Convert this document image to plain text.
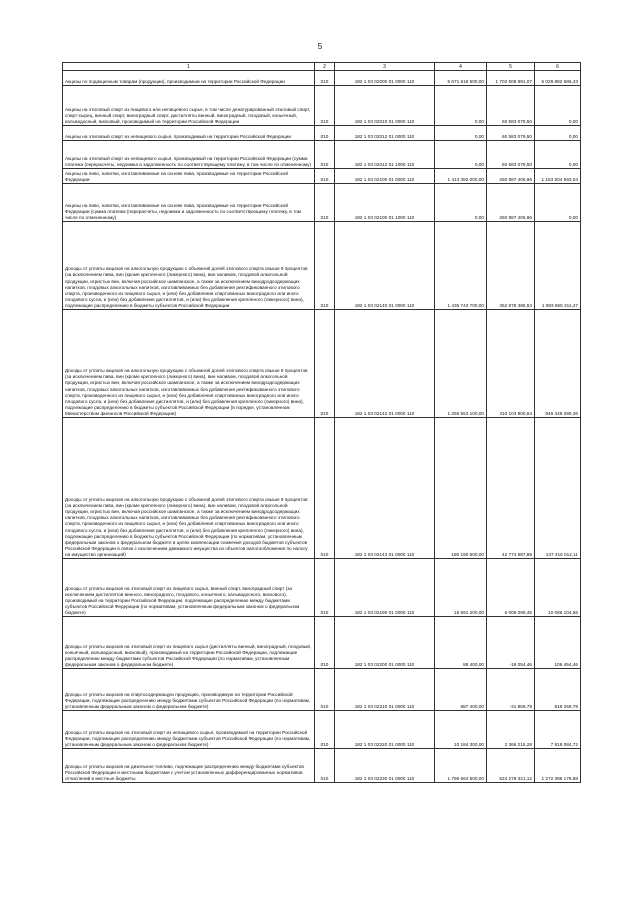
5
1	2	3	4	5	6

Акцизы по подакцизным товарам (продукции), производимым на территории Российской Федерации	010	182 1 03 02000 01 0000 110	6 671 618 500,00	1 702 508 891,07	5 029 882 686,43

Акцизы на этиловый спирт из пищевого или непищевого сырья, в том числе денатурированный этиловый спирт, спирт-сырец, винный спирт, виноградный спирт, дистилляты винный, виноградный, плодовый, коньячный, кальвадосный, висковый, производимый на территории Российской Федерации	010	182 1 03 02010 01 0000 110	0,00	60 583 079,50	0,00

Акцизы на этиловый спирт из непищевого сырья, производимый на территории Российской Федерации	010	182 1 03 02012 01 0000 110	0,00	60 583 079,50	0,00

Акцизы на этиловый спирт из непищевого сырья, производимый на территории Российской Федерации (сумма платежа (перерасчеты, недоимка и задолженность по соответствующему платежу, в том числе по отмененному)	010	182 1 03 02012 01 1000 110	0,00	60 583 079,50	0,00

Акцизы на пиво, напитки, изготавливаемые на основе пива, производимые на территории Российской Федерации	010	182 1 03 02100 01 0000 110	1 414 392 000,00	260 887 406,96	1 153 504 593,04

Акцизы на пиво, напитки, изготавливаемые на основе пива, производимые на территории Российской Федерации (сумма платежа (перерасчеты, недоимка и задолженность по соответствующему платежу, в том числе по отмененному)	010	182 1 03 02100 01 1000 110	0,00	260 887 406,96	0,00

Доходы от уплаты акцизов на алкогольную продукцию с объемной долей этилового спирта свыше 9 процентов (за исключением пива, вин (кроме крепленого (ликерного) вина), вин наливом, плодовой алкогольной продукции, игристых вин, включая российское шампанское, а также за исключением винодродсодержащих напитков, плодовых алкогольных напитков, изготавливаемых без добавления ректификованного этилового спирта, произведенного из пищевого сырья, и (или) без добавления спиртованных виноградного или иного плодового сусла, и (или) без добавления дистиллятов, и (или) без добавления крепленого (ликерного) вина), подлежащие распределению в бюджеты субъектов Российской Федерации	010	182 1 03 02140 01 0000 110	1 436 743 700,00	352 878 386,53	1 083 865 311,47

Доходы от уплаты акцизов на алкогольную продукцию с объемной долей этилового спирта свыше 9 процентов (за исключением пива, вин (кроме крепленого (ликерного) вина), вин наливом, плодовой алкогольной продукции, игристых вин, включая российское шампанское, а также за исключением винодродсодержащих напитков, плодовых алкогольных напитков, изготавливаемых без добавления ректификованного этилового спирта, произведенного из пищевого сырья, и (или) без добавления спиртованных виноградного или иного плодового сусла, и (или) без добавления дистиллятов, и (или) без добавления крепленого (ликерного) вина), подлежащие распределению в бюджеты субъектов Российской Федерации (в порядке, установленном Министерством финансов Российской Федерации)	010	182 1 03 02142 01 0000 110	1 256 553 100,00	310 103 800,64	946 449 299,36

Доходы от уплаты акцизов на алкогольную продукцию с объемной долей этилового спирта свыше 9 процентов (за исключением пива, вин (кроме крепленого (ликерного) вина), вин наливом, плодовой алкогольной продукции, игристых вин, включая российское шампанское, а также за исключением винодродсодержащих напитков, плодовых алкогольных напитков, изготавливаемых без добавления ректификованного этилового спирта, произведенного из пищевого сырья, и (или) без добавления спиртованных виноградного или иного плодового сусла, и (или) без добавления дистиллятов, и (или) без добавления крепленого (ликерного) вина), подлежащие распределению в бюджеты субъектов Российской Федерации (по нормативам, установленным федеральным законом о федеральном бюджете в целях компенсации снижения доходов бюджетов субъектов Российской Федерации в связи с исключением движимого имущества из объектов налогообложения по налогу на имущество организаций)	010	182 1 03 02143 01 0000 110	180 190 600,00	42 774 587,89	137 416 012,11

Доходы от уплаты акцизов на этиловый спирт из пищевого сырья, винный спирт, виноградный спирт (за исключением дистиллятов винного, виноградного, плодового, коньячного, кальвадосного, вискового), производимый на территории Российской Федерации, подлежащие распределению между бюджетами субъектов Российской Федерации (по нормативам, установленным федеральным законом о федеральном бюджете)	010	182 1 03 02190 01 0000 110	16 591 200,00	6 005 095,45	10 086 104,55

Доходы от уплаты акцизов на этиловый спирт из пищевого сырья (дистилляты винный, виноградный, плодовый, коньячный, кальвадосный, висковый), производимый на территории Российской Федерации, подлежащие распределению между бюджетами субъектов Российской Федерации (по нормативам, установленным федеральным законом о федеральном бюджете)	010	182 1 03 02200 01 0000 110	88 400,00	-18 054,46	106 454,46

Доходы от уплаты акцизов на спиртосодержащую продукцию, производимую на территории Российской Федерации, подлежащие распределению между бюджетами субъектов Российской Федерации (по нормативам, установленным федеральным законом о федеральном бюджете)	010	182 1 03 02210 01 0000 110	887 400,00	-31 869,79	919 269,79

Доходы от уплаты акцизов на этиловый спирт из непищевого сырья, производимый на территории Российской Федерации, подлежащие распределению между бюджетами субъектов Российской Федерации (по нормативам, установленным федеральным законом о федеральном бюджете)	010	182 1 03 02220 01 0000 110	10 184 300,00	2 366 215,28	7 818 084,72

Доходы от уплаты акцизов на дизельное топливо, подлежащие распределению между бюджетами субъектов Российской Федерации и местными бюджетами с учетом установленных дифференцированных нормативов отчислений в местные бюджеты	010	182 1 03 02230 01 0000 110	1 796 664 500,00	524 278 321,12	1 272 386 178,88
